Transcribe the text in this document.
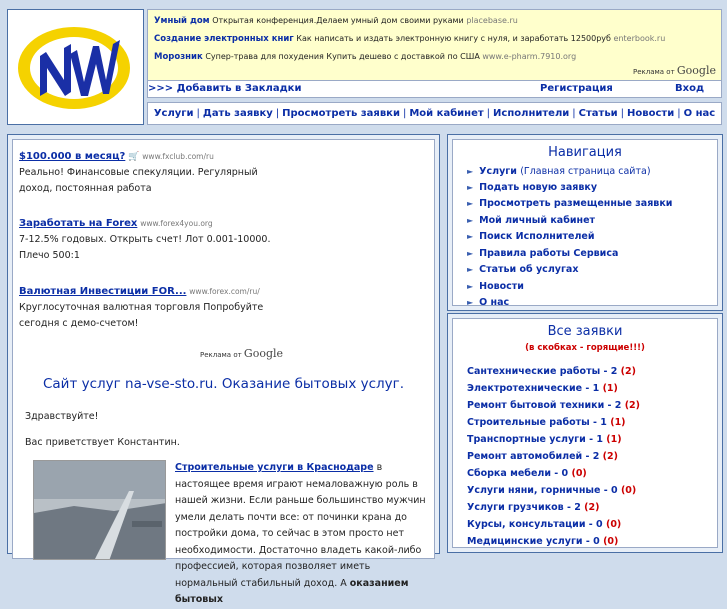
Умный дом Открытая конференция.Делаем умный дом своими руками placebase.ru
Создание электронных книг Как написать и издать электронную книгу с нуля, и заработать 12500руб enterbook.ru
Морозник Супер-трава для похудения Купить дешево с доставкой по США www.e-pharm.7910.org
Реклама от Google
>>> Добавить в Закладки	Регистрация	Вход
Услуги | Дать заявку | Просмотреть заявки | Мой кабинет | Исполнители | Статьи | Новости | О нас
$100.000 в месяц? 🛒 www.fxclub.com/ru
Реально! Финансовые спекуляции. Регулярный
доход, постоянная работа
Заработать на Forex www.forex4you.org
7-12.5% годовых. Открыть счет! Лот 0.001-10000.
Плечо 500:1
Валютная Инвестиции FOR... www.forex.com/ru/
Круглосуточная валютная торговля Попробуйте
сегодня с демо-счетом!
Реклама от Google
Сайт услуг na-vse-sto.ru. Оказание бытовых услуг.
Здравствуйте!
Вас приветствует Константин.
Строительные услуги в Краснодаре в настоящее время играют немаловажную роль в нашей жизни. Если раньше большинство мужчин умели делать почти все: от починки крана до постройки дома, то сейчас в этом просто нет необходимости. Достаточно владеть какой-либо профессией, которая позволяет иметь нормальный стабильный доход. А оказанием бытовых
Навигация
► Услуги (Главная страница сайта)
► Подать новую заявку
► Просмотреть размещенные заявки
► Мой личный кабинет
► Поиск Исполнителей
► Правила работы Сервиса
► Статьи об услугах
► Новости
► О нас
Все заявки
(в скобках - горящие!!!)
Сантехнические работы - 2 (2)
Электротехнические - 1 (1)
Ремонт бытовой техники - 2 (2)
Строительные работы - 1 (1)
Транспортные услуги - 1 (1)
Ремонт автомобилей - 2 (2)
Сборка мебели - 0 (0)
Услуги няни, горничные - 0 (0)
Услуги грузчиков - 2 (2)
Курсы, консультации - 0 (0)
Медицинские услуги - 0 (0)
